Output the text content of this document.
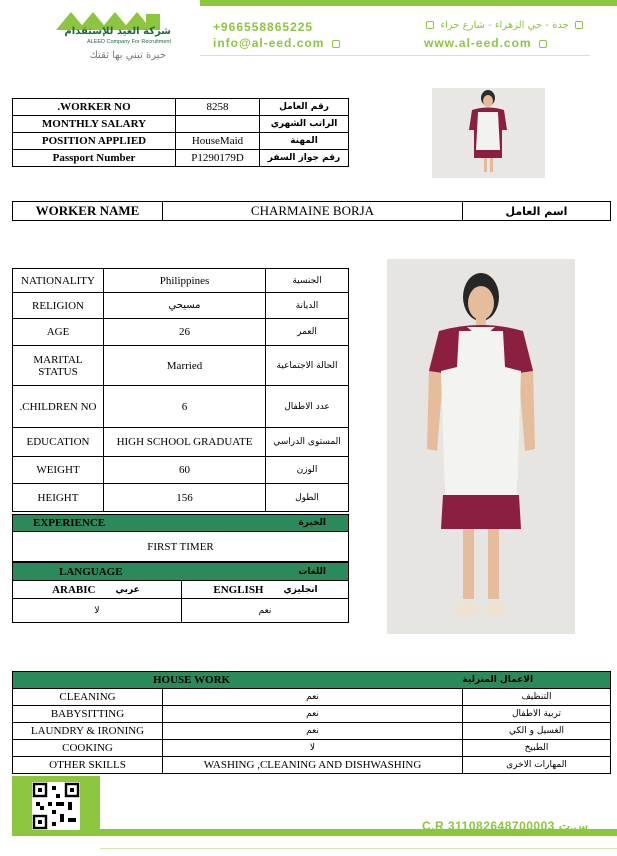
شركة العيد للإستقدام
ALEED Company For Recruitment
خيرة تبني بها ثقتك
+966558865225	جدة - حي الزهراء - شارع حراء
info@al-eed.com	www.al-eed.com
.WORKER NO	8258	رقم العامل
MONTHLY SALARY		الراتب الشهري
POSITION APPLIED	HouseMaid	المهنة
Passport Number	P1290179D	رقم جواز السفر
WORKER NAME	CHARMAINE BORJA	اسم العامل
NATIONALITY	Philippines	الجنسية
RELIGION	مسيحي	الديانة
AGE	26	العمر
MARITAL STATUS	Married	الحالة الاجتماعية
.CHILDREN NO	6	عدد الاطفال
EDUCATION	HIGH SCHOOL GRADUATE	المستوى الدراسي
WEIGHT	60	الوزن
HEIGHT	156	الطول
EXPERIENCE	الخبرة
FIRST TIMER
LANGUAGE		اللغات	
ARABIC	عربي	ENGLISH	انجليزي
لا		نعم	
HOUSE WORK		الاعمال المنزلية
CLEANING	نعم	التنظيف
BABYSITTING	نعم	تربية الاطفال
LAUNDRY & IRONING	نعم	الغسيل و الكي
COOKING	لا	الطبيخ
OTHER SKILLS	WASHING ,CLEANING AND DISHWASHING	المهارات الاخرى
C.R 311082648700003 س.ت
